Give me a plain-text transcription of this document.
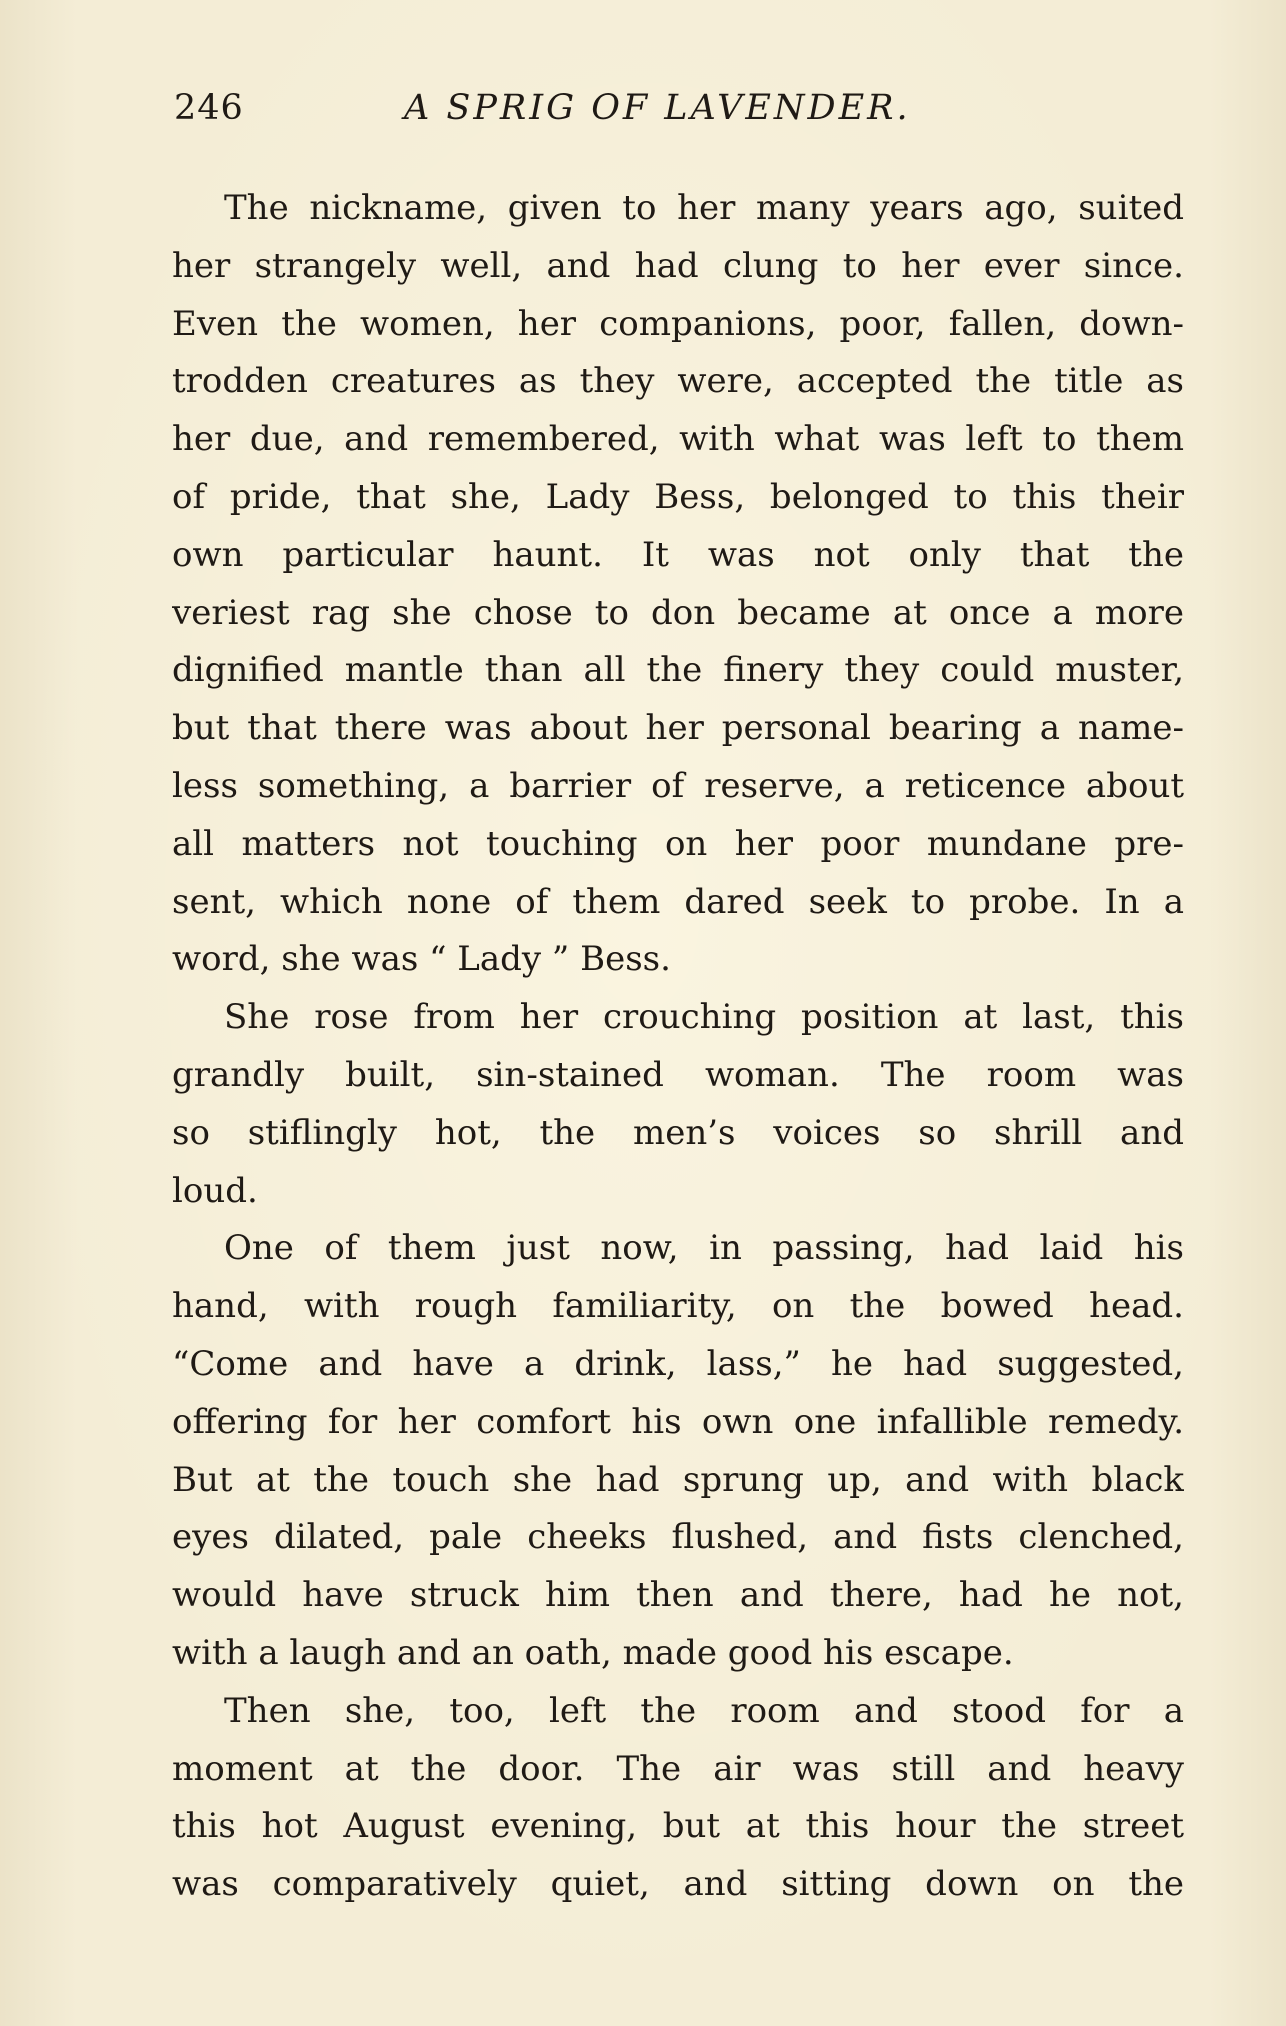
246	A SPRIG OF LAVENDER.
The nickname, given to her many years ago, suited
her strangely well, and had clung to her ever since.
Even the women, her companions, poor, fallen, down-
trodden creatures as they were, accepted the title as
her due, and remembered, with what was left to them
of pride, that she, Lady Bess, belonged to this their
own particular haunt. It was not only that the
veriest rag she chose to don became at once a more
dignified mantle than all the finery they could muster,
but that there was about her personal bearing a name-
less something, a barrier of reserve, a reticence about
all matters not touching on her poor mundane pre-
sent, which none of them dared seek to probe. In a
word, she was “ Lady ” Bess.
She rose from her crouching position at last, this
grandly built, sin-stained woman. The room was
so stiflingly hot, the men’s voices so shrill and
loud.
One of them just now, in passing, had laid his
hand, with rough familiarity, on the bowed head.
“Come and have a drink, lass,” he had suggested,
offering for her comfort his own one infallible remedy.
But at the touch she had sprung up, and with black
eyes dilated, pale cheeks flushed, and fists clenched,
would have struck him then and there, had he not,
with a laugh and an oath, made good his escape.
Then she, too, left the room and stood for a
moment at the door. The air was still and heavy
this hot August evening, but at this hour the street
was comparatively quiet, and sitting down on the
